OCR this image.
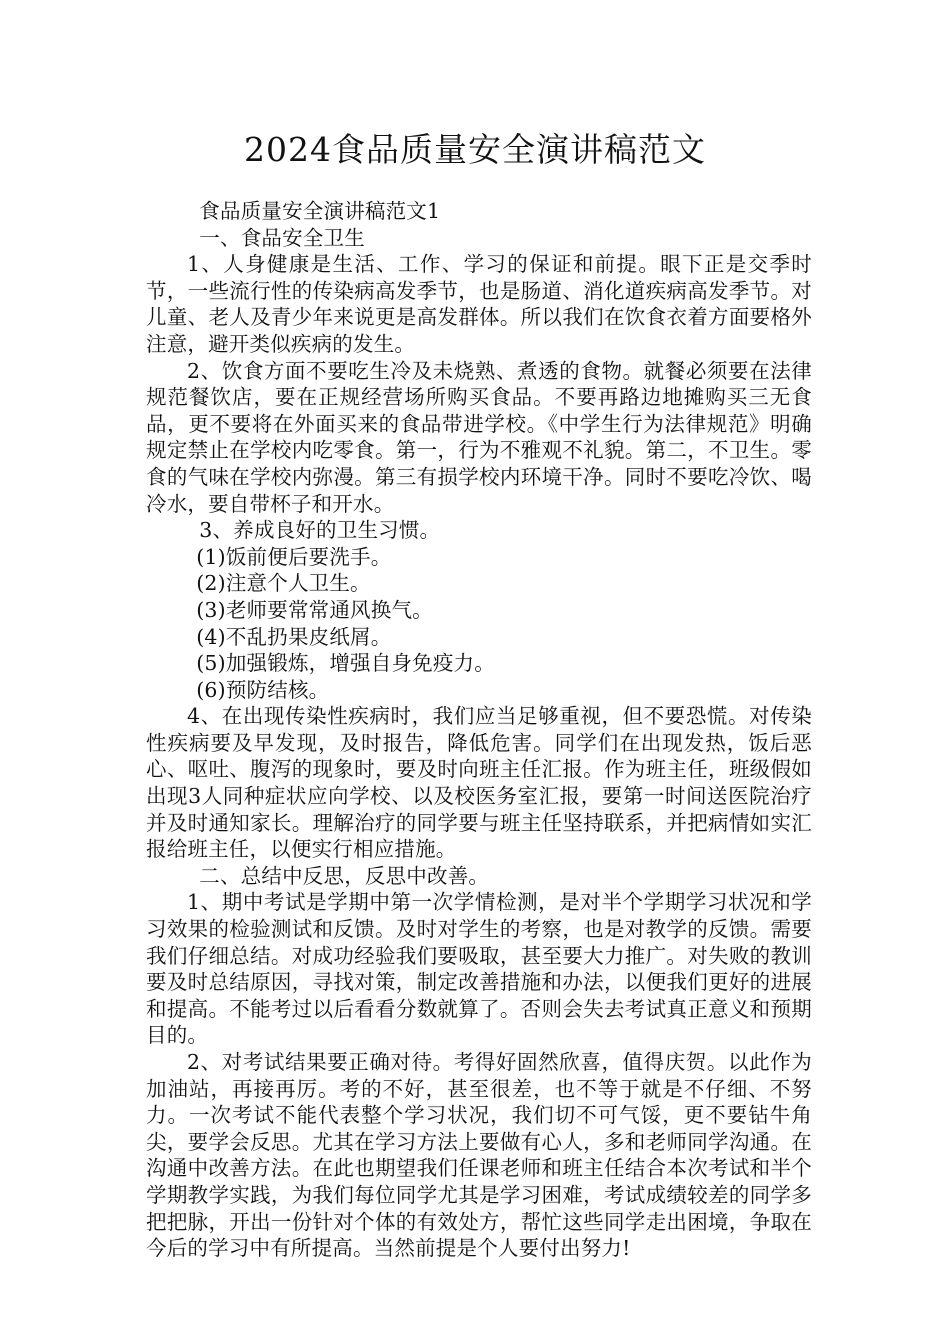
2024食品质量安全演讲稿范文

食品质量安全演讲稿范文1

一、食品安全卫生

1、人身健康是生活、工作、学习的保证和前提。眼下正是交季时节，一些流行性的传染病高发季节，也是肠道、消化道疾病高发季节。对儿童、老人及青少年来说更是高发群体。所以我们在饮食衣着方面要格外注意，避开类似疾病的发生。

2、饮食方面不要吃生冷及未烧熟、煮透的食物。就餐必须要在法律规范餐饮店，要在正规经营场所购买食品。不要再路边地摊购买三无食品，更不要将在外面买来的食品带进学校。《中学生行为法律规范》明确规定禁止在学校内吃零食。第一，行为不雅观不礼貌。第二，不卫生。零食的气味在学校内弥漫。第三有损学校内环境干净。同时不要吃冷饮、喝冷水，要自带杯子和开水。

3、养成良好的卫生习惯。

(1)饭前便后要洗手。

(2)注意个人卫生。

(3)老师要常常通风换气。

(4)不乱扔果皮纸屑。

(5)加强锻炼，增强自身免疫力。

(6)预防结核。

4、在出现传染性疾病时，我们应当足够重视，但不要恐慌。对传染性疾病要及早发现，及时报告，降低危害。同学们在出现发热，饭后恶心、呕吐、腹泻的现象时，要及时向班主任汇报。作为班主任，班级假如出现3人同种症状应向学校、以及校医务室汇报，要第一时间送医院治疗并及时通知家长。理解治疗的同学要与班主任坚持联系，并把病情如实汇报给班主任，以便实行相应措施。

二、总结中反思，反思中改善。

1、期中考试是学期中第一次学情检测，是对半个学期学习状况和学习效果的检验测试和反馈。及时对学生的考察，也是对教学的反馈。需要我们仔细总结。对成功经验我们要吸取，甚至要大力推广。对失败的教训要及时总结原因，寻找对策，制定改善措施和办法，以便我们更好的进展和提高。不能考过以后看看分数就算了。否则会失去考试真正意义和预期目的。

2、对考试结果要正确对待。考得好固然欣喜，值得庆贺。以此作为加油站，再接再厉。考的不好，甚至很差，也不等于就是不仔细、不努力。一次考试不能代表整个学习状况，我们切不可气馁，更不要钻牛角尖，要学会反思。尤其在学习方法上要做有心人，多和老师同学沟通。在沟通中改善方法。在此也期望我们任课老师和班主任结合本次考试和半个学期教学实践，为我们每位同学尤其是学习困难，考试成绩较差的同学多把把脉，开出一份针对个体的有效处方，帮忙这些同学走出困境，争取在今后的学习中有所提高。当然前提是个人要付出努力!
